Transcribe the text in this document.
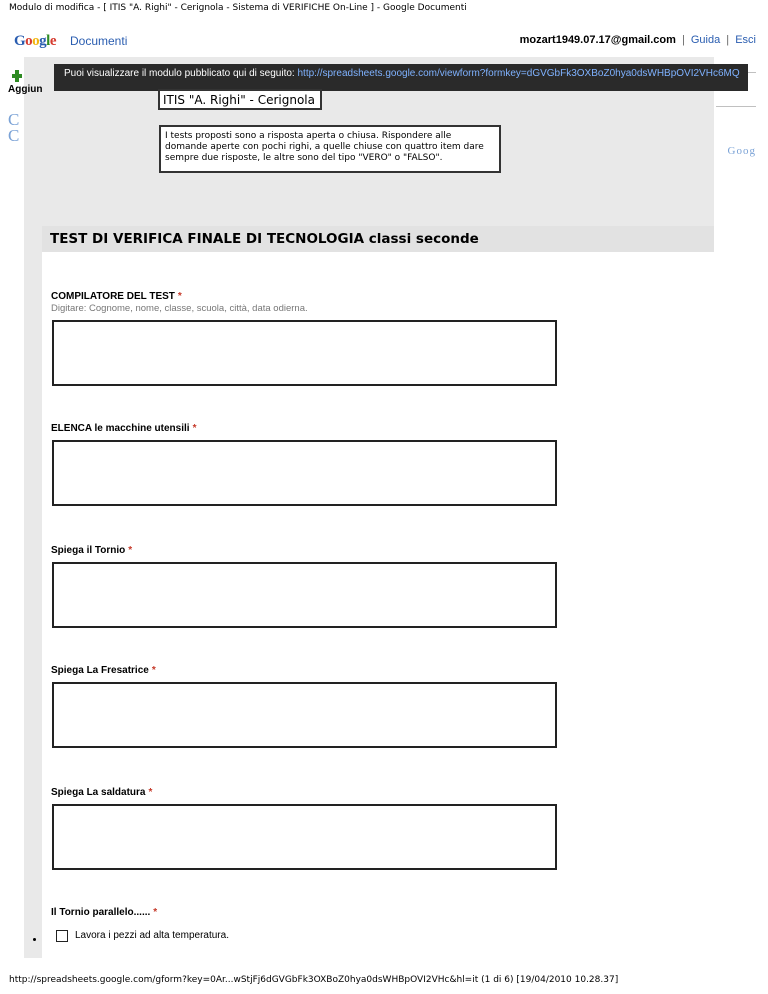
Modulo di modifica - [ ITIS "A. Righi" - Cerignola - Sistema di VERIFICHE On-Line ] - Google Documenti
Google Documenti	mozart1949.07.17@gmail.com | Guida | Esci
Aggiun
C
C
Goog
Puoi visualizzare il modulo pubblicato qui di seguito: http://spreadsheets.google.com/viewform?formkey=dGVGbFk3OXBoZ0hya0dsWHBpOVI2VHc6MQ
ITIS "A. Righi" - Cerignola
I tests proposti sono a risposta aperta o chiusa. Rispondere alle domande aperte con pochi righi, a quelle chiuse con quattro item dare sempre due risposte, le altre sono del tipo "VERO" o "FALSO".
TEST DI VERIFICA FINALE DI TECNOLOGIA classi seconde
COMPILATORE DEL TEST *
Digitare: Cognome, nome, classe, scuola, città, data odierna.
ELENCA le macchine utensili *
Spiega il Tornio *
Spiega La Fresatrice *
Spiega La saldatura *
Il Tornio parallelo...... *
Lavora i pezzi ad alta temperatura.
http://spreadsheets.google.com/gform?key=0Ar...wStjFj6dGVGbFk3OXBoZ0hya0dsWHBpOVI2VHc&hl=it (1 di 6) [19/04/2010 10.28.37]
